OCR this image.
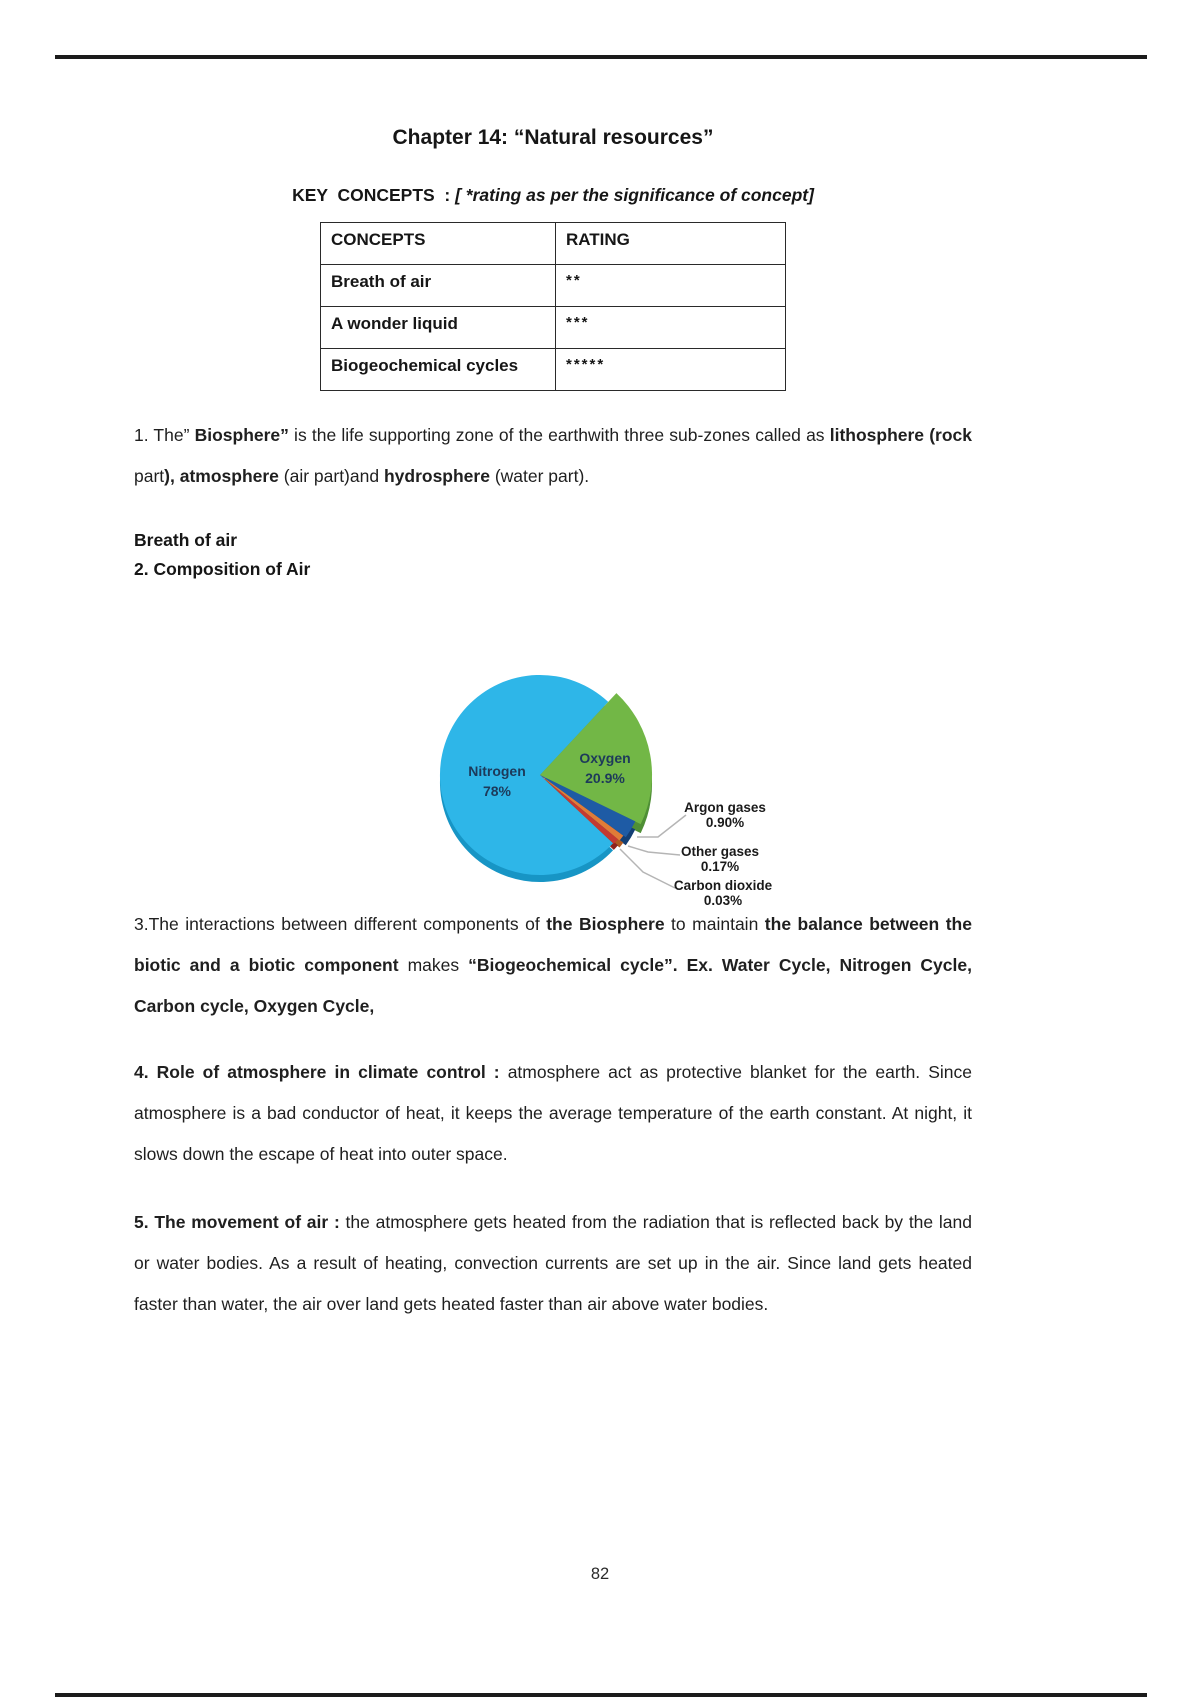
Chapter 14: “Natural resources”
KEY  CONCEPTS  : [ *rating as per the significance of concept]
CONCEPTS	RATING
Breath of air	**
A wonder liquid	***
Biogeochemical cycles	*****

1. The” Biosphere” is the life supporting zone of the earthwith three sub-zones called as lithosphere (rock part), atmosphere (air part)and hydrosphere (water part).

Breath of air
2. Composition of Air
Nitrogen
78%
Oxygen
20.9%
Argon gases
0.90%
Other gases
0.17%
Carbon dioxide
0.03%

3.The interactions between different components of the Biosphere to maintain the balance between the biotic and a biotic component makes “Biogeochemical cycle”. Ex. Water Cycle, Nitrogen Cycle, Carbon cycle, Oxygen Cycle,

4. Role of atmosphere in climate control : atmosphere act as protective blanket for the earth. Since atmosphere is a bad conductor of heat, it keeps the average temperature of the earth constant. At night, it slows down the escape of heat into outer space.

5. The movement of air : the atmosphere gets heated from the radiation that is reflected back by the land or water bodies. As a result of heating, convection currents are set up in the air. Since land gets heated faster than water, the air over land gets heated faster than air above water bodies.

82
